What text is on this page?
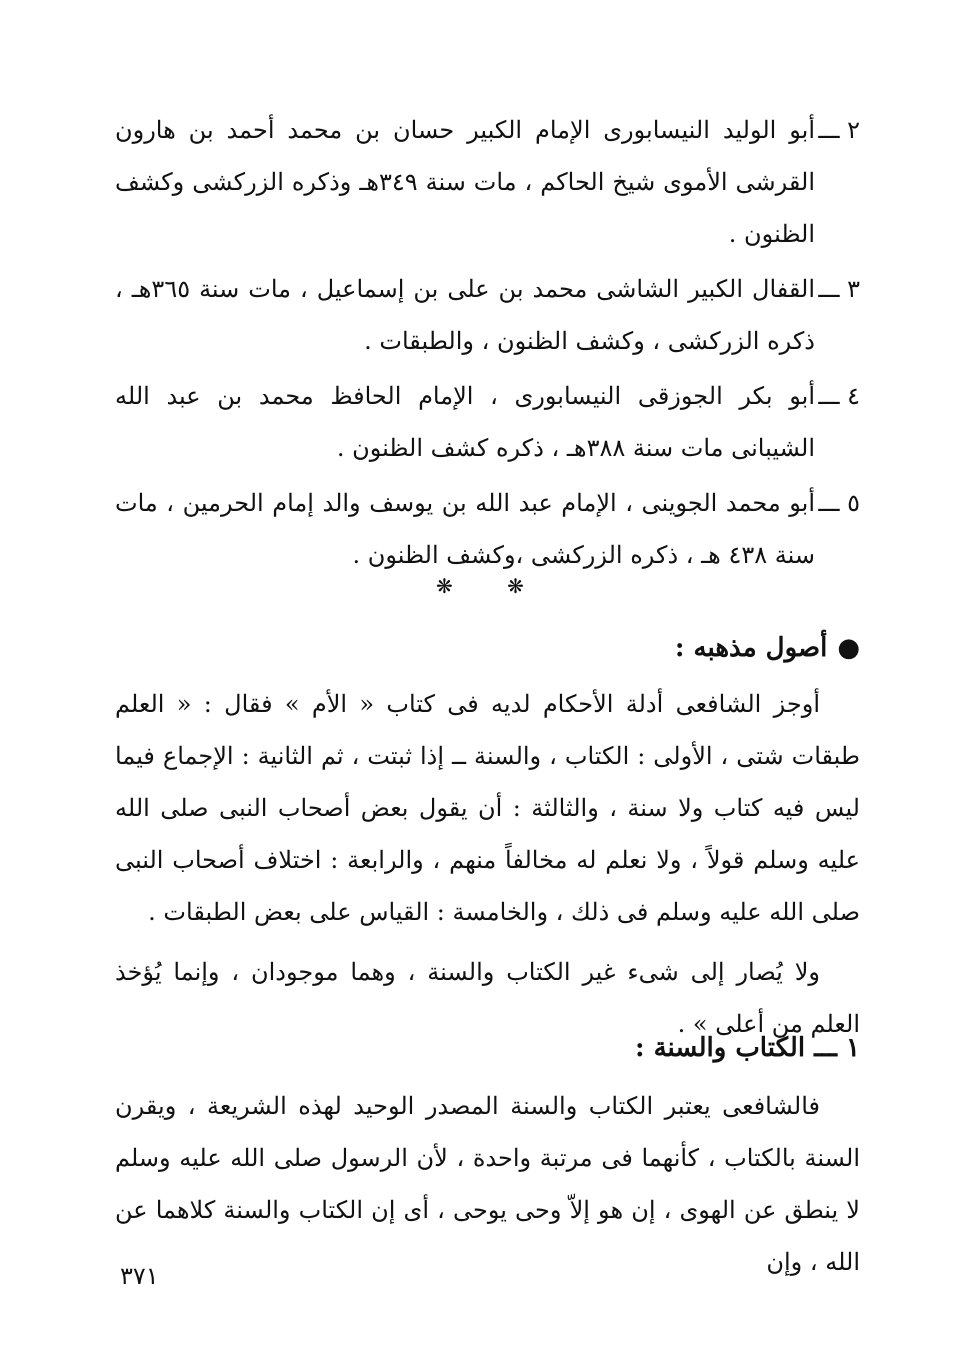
٢ ـــ
أبو الوليد النيسابورى الإمام الكبير حسان بن محمد أحمد بن هارون القرشى الأموى شيخ الحاكم ، مات سنة ٣٤٩هـ وذكره الزركشى وكشف الظنون .
٣ ـــ
القفال الكبير الشاشى محمد بن على بن إسماعيل ، مات سنة ٣٦٥هـ ، ذكره الزركشى ، وكشف الظنون ، والطبقات .
٤ ـــ
أبو بكر الجوزقى النيسابورى ، الإمام الحافظ محمد بن عبد الله الشيبانى مات سنة ٣٨٨هـ ، ذكره كشف الظنون .
٥ ـــ
أبو محمد الجوينى ، الإمام عبد الله بن يوسف والد إمام الحرمين ، مات سنة ٤٣٨ هـ ، ذكره الزركشى ،وكشف الظنون .
❋	❋
●أصول مذهبه :

أوجز الشافعى أدلة الأحكام لديه فى كتاب « الأم » فقال : « العلم طبقات شتى ، الأولى : الكتاب ، والسنة ــ إذا ثبتت ، ثم الثانية : الإجماع فيما ليس فيه كتاب ولا سنة ، والثالثة : أن يقول بعض أصحاب النبى صلى الله عليه وسلم قولاً ، ولا نعلم له مخالفاً منهم ، والرابعة : اختلاف أصحاب النبى صلى الله عليه وسلم فى ذلك ، والخامسة : القياس على بعض الطبقات .

ولا يُصار إلى شىء غير الكتاب والسنة ، وهما موجودان ، وإنما يُؤخذ العلم من أعلى » .

١ ـــ الكتاب والسنة :

فالشافعى يعتبر الكتاب والسنة المصدر الوحيد لهذه الشريعة ، ويقرن السنة بالكتاب ، كأنهما فى مرتبة واحدة ، لأن الرسول صلى الله عليه وسلم لا ينطق عن الهوى ، إن هو إلاّ وحى يوحى ، أى إن الكتاب والسنة كلاهما عن الله ، وإن

٣٧١
